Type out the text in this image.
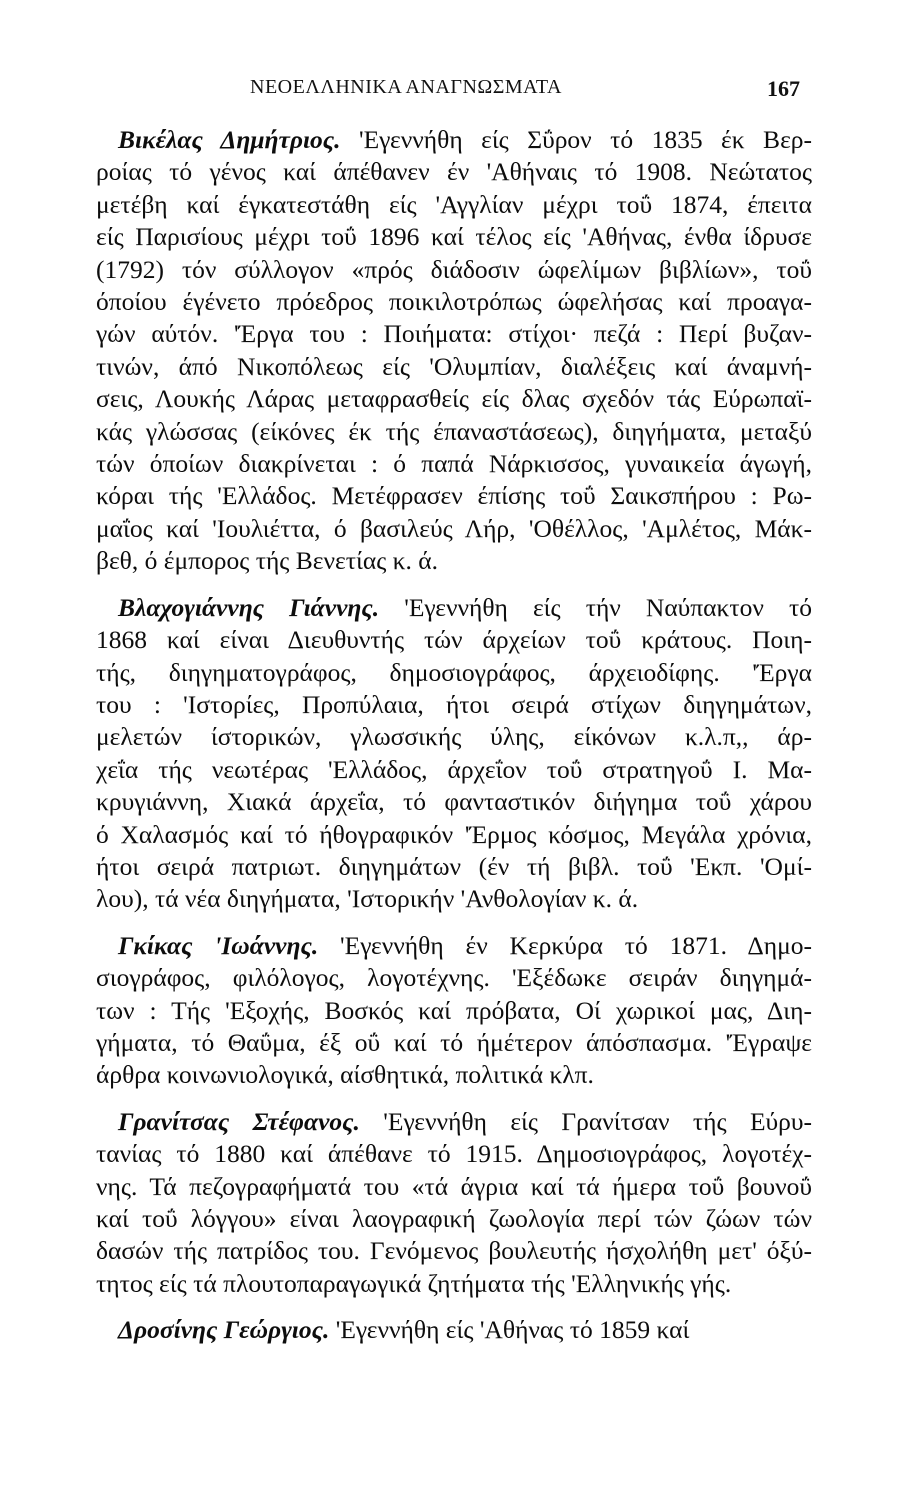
ΝΕΟΕΛΛΗΝΙΚΑ ΑΝΑΓΝΩΣΜΑΤΑ	167
Βικέλας Δημήτριος. 'Εγεννήθη είς Σΰρον τό 1835 έκ Βερ-
ροίας τό γένος καί άπέθανεν έν 'Αθήναις τό 1908. Νεώτατος
μετέβη καί έγκατεστάθη είς 'Αγγλίαν μέχρι τοΰ 1874, έπειτα
είς Παρισίους μέχρι τοΰ 1896 καί τέλος είς 'Αθήνας, ένθα ίδρυσε
(1792) τόν σύλλογον «πρός διάδοσιν ώφελίμων βιβλίων», τοΰ
όποίου έγένετο πρόεδρος ποικιλοτρόπως ώφελήσας καί προαγα-
γών αύτόν. 'Έργα του : Ποιήματα: στίχοι· πεζά : Περί βυζαν-
τινών, άπό Νικοπόλεως είς 'Ολυμπίαν, διαλέξεις καί άναμνή-
σεις, Λουκής Λάρας μεταφρασθείς είς δλας σχεδόν τάς Εύρωπαϊ-
κάς γλώσσας (είκόνες έκ τής έπαναστάσεως), διηγήματα, μεταξύ
τών όποίων διακρίνεται : ό παπά Νάρκισσος, γυναικεία άγωγή,
κόραι τής 'Ελλάδος. Μετέφρασεν έπίσης τοΰ Σαικσπήρου : Ρω-
μαΐος καί 'Ιουλιέττα, ό βασιλεύς Λήρ, 'Οθέλλος, 'Αμλέτος, Μάκ-
βεθ, ό έμπορος τής Βενετίας κ. ά.
Βλαχογιάννης Γιάννης. 'Εγεννήθη είς τήν Ναύπακτον τό
1868 καί είναι Διευθυντής τών άρχείων τοΰ κράτους. Ποιη-
τής, διηγηματογράφος, δημοσιογράφος, άρχειοδίφης. 'Έργα
του : 'Ιστορίες, Προπύλαια, ήτοι σειρά στίχων διηγημάτων,
μελετών ίστορικών, γλωσσικής ύλης, είκόνων κ.λ.π,, άρ-
χεΐα τής νεωτέρας 'Ελλάδος, άρχεΐον τοΰ στρατηγοΰ Ι. Μα-
κρυγιάννη, Χιακά άρχεΐα, τό φανταστικόν διήγημα τοΰ χάρου
ό Χαλασμός καί τό ήθογραφικόν 'Έρμος κόσμος, Μεγάλα χρόνια,
ήτοι σειρά πατριωτ. διηγημάτων (έν τή βιβλ. τοΰ 'Εκπ. 'Ομί-
λου), τά νέα διηγήματα, 'Ιστορικήν 'Ανθολογίαν κ. ά.
Γκίκας 'Ιωάννης. 'Εγεννήθη έν Κερκύρα τό 1871. Δημο-
σιογράφος, φιλόλογος, λογοτέχνης. 'Εξέδωκε σειράν διηγημά-
των : Τής 'Εξοχής, Βοσκός καί πρόβατα, Οί χωρικοί μας, Διη-
γήματα, τό Θαΰμα, έξ οΰ καί τό ήμέτερον άπόσπασμα. 'Έγραψε
άρθρα κοινωνιολογικά, αίσθητικά, πολιτικά κλπ.
Γρανίτσας Στέφανος. 'Εγεννήθη είς Γρανίτσαν τής Εύρυ-
τανίας τό 1880 καί άπέθανε τό 1915. Δημοσιογράφος, λογοτέχ-
νης. Τά πεζογραφήματά του «τά άγρια καί τά ήμερα τοΰ βουνοΰ
καί τοΰ λόγγου» είναι λαογραφική ζωολογία περί τών ζώων τών
δασών τής πατρίδος του. Γενόμενος βουλευτής ήσχολήθη μετ' όξύ-
τητος είς τά πλουτοπαραγωγικά ζητήματα τής 'Ελληνικής γής.
Δροσίνης Γεώργιος. 'Εγεννήθη είς 'Αθήνας τό 1859 καί
